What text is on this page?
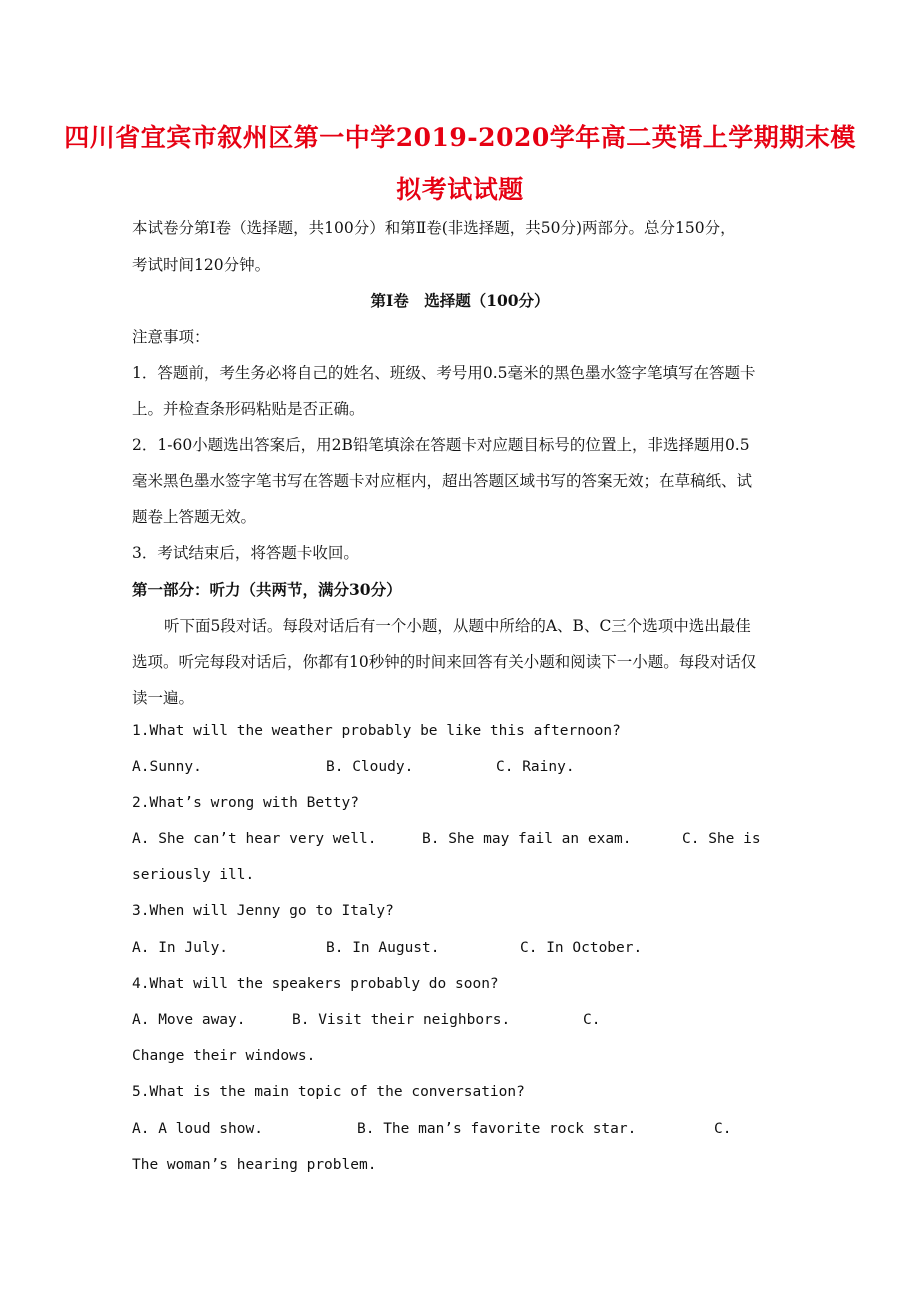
四川省宜宾市叙州区第一中学2019-2020学年高二英语上学期期末模
拟考试试题
本试卷分第Ⅰ卷（选择题，共100分）和第Ⅱ卷(非选择题，共50分)两部分。总分150分，
考试时间120分钟。
第Ⅰ卷　选择题（100分）
注意事项：
1．答题前，考生务必将自己的姓名、班级、考号用0.5毫米的黑色墨水签字笔填写在答题卡
上。并检查条形码粘贴是否正确。
2．1-60小题选出答案后，用2B铅笔填涂在答题卡对应题目标号的位置上，非选择题用0.5
毫米黑色墨水签字笔书写在答题卡对应框内，超出答题区域书写的答案无效；在草稿纸、试
题卷上答题无效。
3．考试结束后，将答题卡收回。
第一部分：听力（共两节，满分30分）
听下面5段对话。每段对话后有一个小题，从题中所给的A、B、C三个选项中选出最佳
选项。听完每段对话后，你都有10秒钟的时间来回答有关小题和阅读下一小题。每段对话仅
读一遍。
1.What will the weather probably be like this afternoon?
A.Sunny.	B. Cloudy.	C. Rainy.
2.What’s wrong with Betty?
A. She can’t hear very well.	B. She may fail an exam.	C. She is
seriously ill.
3.When will Jenny go to Italy?
A. In July.	B. In August.	C. In October.
4.What will the speakers probably do soon?
A. Move away.	B. Visit their neighbors.	C.
Change their windows.
5.What is the main topic of the conversation?
A. A loud show.	B. The man’s favorite rock star.	C.
The woman’s hearing problem.
